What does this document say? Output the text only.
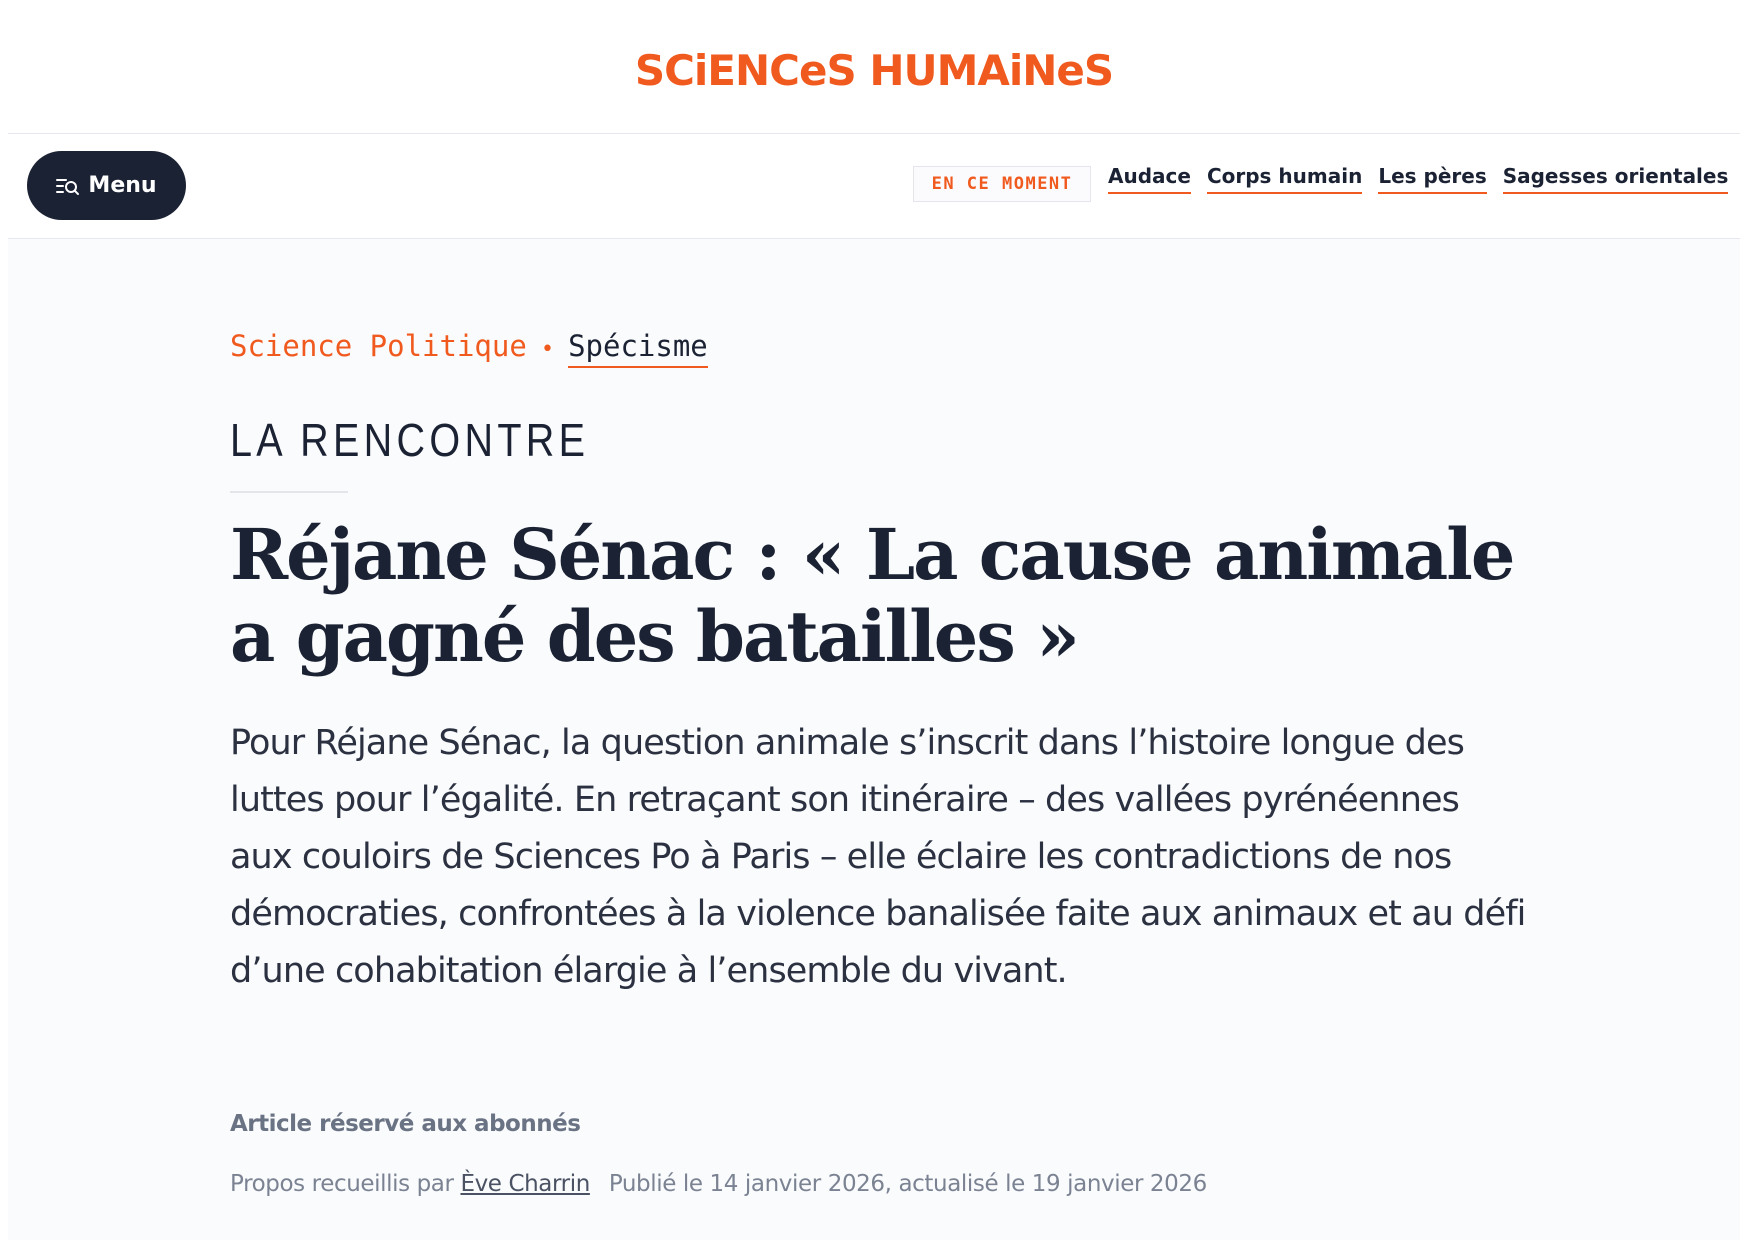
SCiENCeS HUMAiNeS
Menu	EN CE MOMENT	Audace Corps humain Les pères Sagesses orientales
Science Politique • Spécisme
LA RENCONTRE
Réjane Sénac : « La cause animale
a gagné des batailles »

Pour Réjane Sénac, la question animale s’inscrit dans l’histoire longue des luttes pour l’égalité. En retraçant son itinéraire – des vallées pyrénéennes aux couloirs de Sciences Po à Paris – elle éclaire les contradictions de nos démocraties, confrontées à la violence banalisée faite aux animaux et au défi d’une cohabitation élargie à l’ensemble du vivant.

Article réservé aux abonnés
Propos recueillis par Ève Charrin Publié le 14 janvier 2026, actualisé le 19 janvier 2026
